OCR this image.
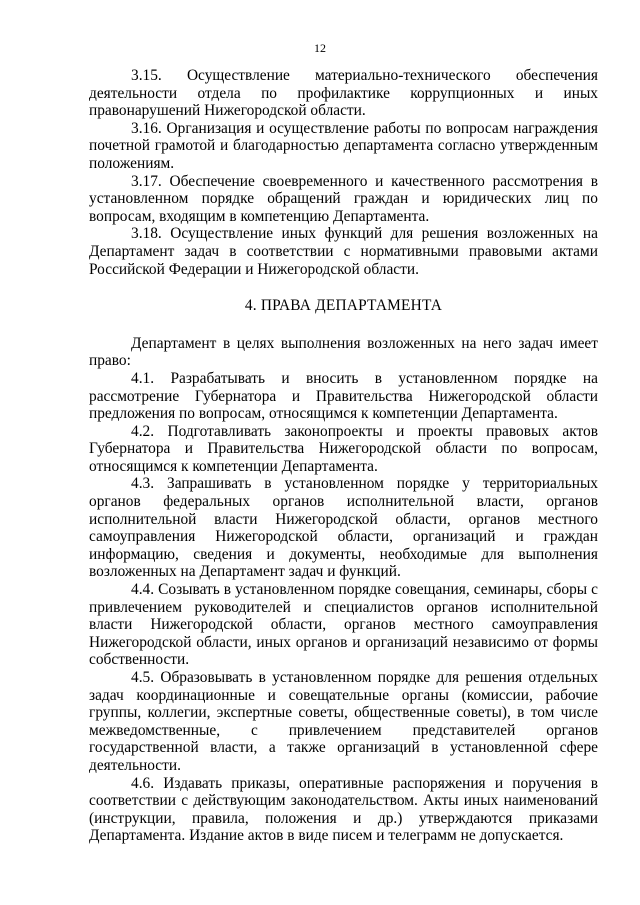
12

3.15. Осуществление материально-технического обеспечения деятельности отдела по профилактике коррупционных и иных правонарушений Нижегородской области.

3.16. Организация и осуществление работы по вопросам награждения почетной грамотой и благодарностью департамента согласно утвержденным положениям.

3.17. Обеспечение своевременного и качественного рассмотрения в установленном порядке обращений граждан и юридических лиц по вопросам, входящим в компетенцию Департамента.

3.18. Осуществление иных функций для решения возложенных на Департамент задач в соответствии с нормативными правовыми актами Российской Федерации и Нижегородской области.

4. ПРАВА ДЕПАРТАМЕНТА

Департамент в целях выполнения возложенных на него задач имеет право:

4.1. Разрабатывать и вносить в установленном порядке на рассмотрение Губернатора и Правительства Нижегородской области предложения по вопросам, относящимся к компетенции Департамента.

4.2. Подготавливать законопроекты и проекты правовых актов Губернатора и Правительства Нижегородской области по вопросам, относящимся к компетенции Департамента.

4.3. Запрашивать в установленном порядке у территориальных органов федеральных органов исполнительной власти, органов исполнительной власти Нижегородской области, органов местного самоуправления Нижегородской области, организаций и граждан информацию, сведения и документы, необходимые для выполнения возложенных на Департамент задач и функций.

4.4. Созывать в установленном порядке совещания, семинары, сборы с привлечением руководителей и специалистов органов исполнительной власти Нижегородской области, органов местного самоуправления Нижегородской области, иных органов и организаций независимо от формы собственности.

4.5. Образовывать в установленном порядке для решения отдельных задач координационные и совещательные органы (комиссии, рабочие группы, коллегии, экспертные советы, общественные советы), в том числе межведомственные, с привлечением представителей органов государственной власти, а также организаций в установленной сфере деятельности.

4.6. Издавать приказы, оперативные распоряжения и поручения в соответствии с действующим законодательством. Акты иных наименований (инструкции, правила, положения и др.) утверждаются приказами Департамента. Издание актов в виде писем и телеграмм не допускается.
